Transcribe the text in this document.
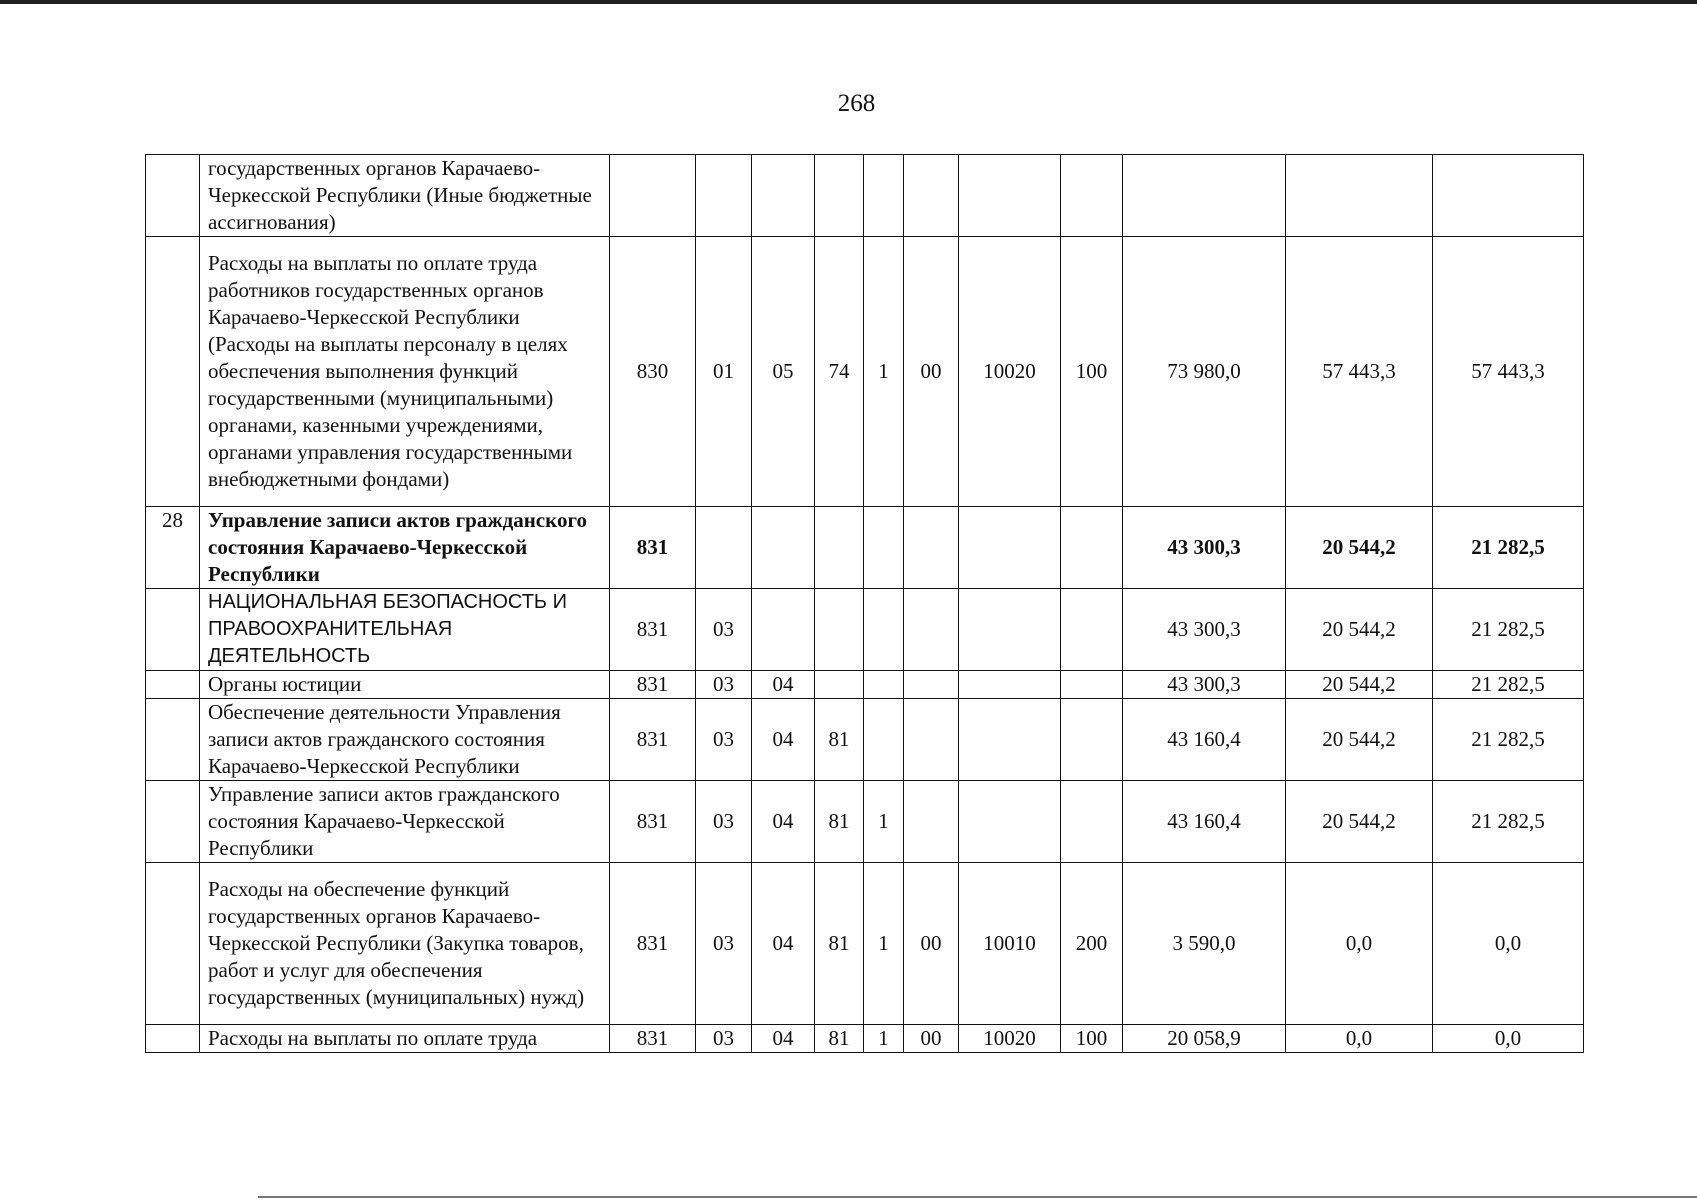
268
	государственных органов Карачаево-Черкесской Республики (Иные бюджетные ассигнования)											
	Расходы на выплаты по оплате труда работников государственных органов Карачаево-Черкесской Республики (Расходы на выплаты персоналу в целях обеспечения выполнения функций государственными (муниципальными) органами, казенными учреждениями, органами управления государственными внебюджетными фондами)	830	01	05	74	1	00	10020	100	73 980,0	57 443,3	57 443,3
28	Управление записи актов гражданского состояния Карачаево-Черкесской Республики	831								43 300,3	20 544,2	21 282,5
	НАЦИОНАЛЬНАЯ БЕЗОПАСНОСТЬ И ПРАВООХРАНИТЕЛЬНАЯ ДЕЯТЕЛЬНОСТЬ	831	03							43 300,3	20 544,2	21 282,5
	Органы юстиции	831	03	04						43 300,3	20 544,2	21 282,5
	Обеспечение деятельности Управления записи актов гражданского состояния Карачаево-Черкесской Республики	831	03	04	81					43 160,4	20 544,2	21 282,5
	Управление записи актов гражданского состояния Карачаево-Черкесской Республики	831	03	04	81	1				43 160,4	20 544,2	21 282,5
	Расходы на обеспечение функций государственных органов Карачаево-Черкесской Республики (Закупка товаров, работ и услуг для обеспечения государственных (муниципальных) нужд)	831	03	04	81	1	00	10010	200	3 590,0	0,0	0,0
	Расходы на выплаты по оплате труда	831	03	04	81	1	00	10020	100	20 058,9	0,0	0,0
